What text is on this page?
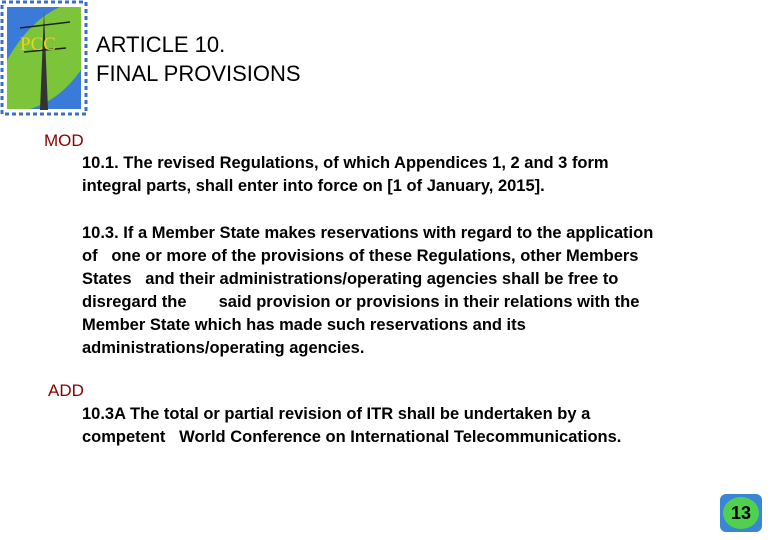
PCC ARTICLE 10.
FINAL PROVISIONS
MOD
10.1. The revised Regulations, of which Appendices 1, 2 and 3 form
integral parts, shall enter into force on [1 of January, 2015].
10.3. If a Member State makes reservations with regard to the application
of   one or more of the provisions of these Regulations, other Members
States   and their administrations/operating agencies shall be free to
disregard the       said provision or provisions in their relations with the
Member State which has made such reservations and its
administrations/operating agencies.
ADD
10.3A The total or partial revision of ITR shall be undertaken by a
competent   World Conference on International Telecommunications.
13
